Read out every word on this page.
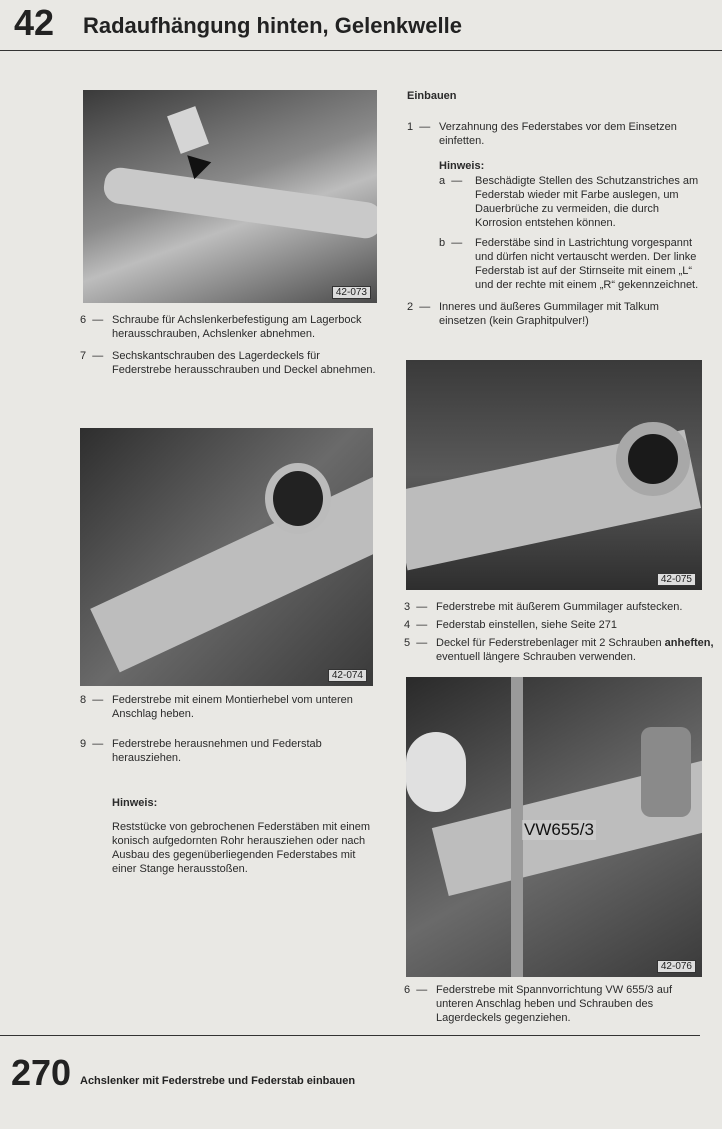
42 Radaufhängung hinten, Gelenkwelle
42-073
6  — Schraube für Achslenkerbefestigung am Lagerbock herausschrauben, Achslenker abnehmen.
7  — Sechskantschrauben des Lagerdeckels für Federstrebe herausschrauben und Deckel abnehmen.
42-074
8  — Federstrebe mit einem Montierhebel vom unteren Anschlag heben.
9  — Federstrebe herausnehmen und Federstab herausziehen.
Hinweis:
Reststücke von gebrochenen Federstäben mit einem konisch aufgedornten Rohr herausziehen oder nach Ausbau des gegenüberliegenden Federstabes mit einer Stange herausstoßen.
Einbauen
1  — Verzahnung des Federstabes vor dem Einsetzen einfetten.
Hinweis:
a  —	Beschädigte Stellen des Schutzanstriches am Federstab wieder mit Farbe auslegen, um Dauerbrüche zu vermeiden, die durch Korrosion entstehen können.
b  —	Federstäbe sind in Lastrichtung vorgespannt und dürfen nicht vertauscht werden. Der linke Federstab ist auf der Stirnseite mit einem „L“ und der rechte mit einem „R“ gekennzeichnet.
2  — Inneres und äußeres Gummilager mit Talkum einsetzen (kein Graphitpulver!)
42-075
3  — Federstrebe mit äußerem Gummilager aufstecken.
4  — Federstab einstellen, siehe Seite 271
5  — Deckel für Federstrebenlager mit 2 Schrauben anheften, eventuell längere Schrauben verwenden.
VW655/3
42-076
6  — Federstrebe mit Spannvorrichtung VW 655/3 auf unteren Anschlag heben und Schrauben des Lagerdeckels gegenziehen.
270 Achslenker mit Federstrebe und Federstab einbauen
